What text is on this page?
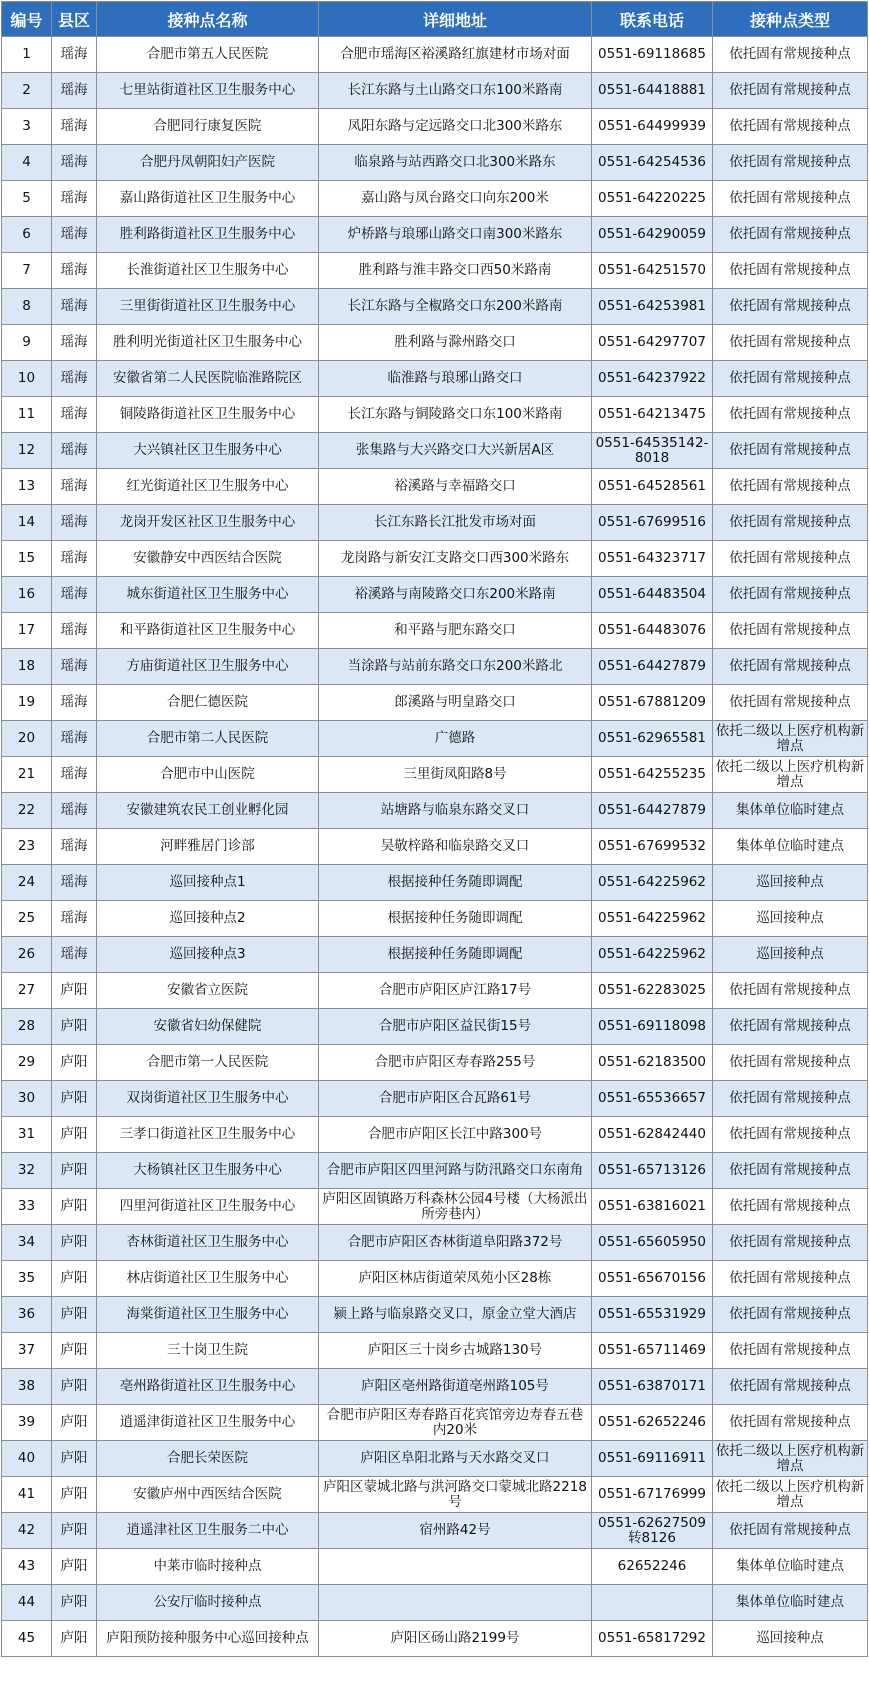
编号	县区	接种点名称	详细地址	联系电话	接种点类型
1	瑶海	合肥市第五人民医院	合肥市瑶海区裕溪路红旗建材市场对面	0551-69118685	依托固有常规接种点
2	瑶海	七里站街道社区卫生服务中心	长江东路与土山路交口东100米路南	0551-64418881	依托固有常规接种点
3	瑶海	合肥同行康复医院	凤阳东路与定远路交口北300米路东	0551-64499939	依托固有常规接种点
4	瑶海	合肥丹凤朝阳妇产医院	临泉路与站西路交口北300米路东	0551-64254536	依托固有常规接种点
5	瑶海	嘉山路街道社区卫生服务中心	嘉山路与凤台路交口向东200米	0551-64220225	依托固有常规接种点
6	瑶海	胜利路街道社区卫生服务中心	炉桥路与琅琊山路交口南300米路东	0551-64290059	依托固有常规接种点
7	瑶海	长淮街道社区卫生服务中心	胜利路与淮丰路交口西50米路南	0551-64251570	依托固有常规接种点
8	瑶海	三里街街道社区卫生服务中心	长江东路与全椒路交口东200米路南	0551-64253981	依托固有常规接种点
9	瑶海	胜利明光街道社区卫生服务中心	胜利路与滁州路交口	0551-64297707	依托固有常规接种点
10	瑶海	安徽省第二人民医院临淮路院区	临淮路与琅琊山路交口	0551-64237922	依托固有常规接种点
11	瑶海	铜陵路街道社区卫生服务中心	长江东路与铜陵路交口东100米路南	0551-64213475	依托固有常规接种点
12	瑶海	大兴镇社区卫生服务中心	张集路与大兴路交口大兴新居A区	0551-64535142-8018	依托固有常规接种点
13	瑶海	红光街道社区卫生服务中心	裕溪路与幸福路交口	0551-64528561	依托固有常规接种点
14	瑶海	龙岗开发区社区卫生服务中心	长江东路长江批发市场对面	0551-67699516	依托固有常规接种点
15	瑶海	安徽静安中西医结合医院	龙岗路与新安江支路交口西300米路东	0551-64323717	依托固有常规接种点
16	瑶海	城东街道社区卫生服务中心	裕溪路与南陵路交口东200米路南	0551-64483504	依托固有常规接种点
17	瑶海	和平路街道社区卫生服务中心	和平路与肥东路交口	0551-64483076	依托固有常规接种点
18	瑶海	方庙街道社区卫生服务中心	当涂路与站前东路交口东200米路北	0551-64427879	依托固有常规接种点
19	瑶海	合肥仁德医院	郎溪路与明皇路交口	0551-67881209	依托固有常规接种点
20	瑶海	合肥市第二人民医院	广德路	0551-62965581	依托二级以上医疗机构新增点
21	瑶海	合肥市中山医院	三里街凤阳路8号	0551-64255235	依托二级以上医疗机构新增点
22	瑶海	安徽建筑农民工创业孵化园	站塘路与临泉东路交叉口	0551-64427879	集体单位临时建点
23	瑶海	河畔雅居门诊部	吴敬梓路和临泉路交叉口	0551-67699532	集体单位临时建点
24	瑶海	巡回接种点1	根据接种任务随即调配	0551-64225962	巡回接种点
25	瑶海	巡回接种点2	根据接种任务随即调配	0551-64225962	巡回接种点
26	瑶海	巡回接种点3	根据接种任务随即调配	0551-64225962	巡回接种点
27	庐阳	安徽省立医院	合肥市庐阳区庐江路17号	0551-62283025	依托固有常规接种点
28	庐阳	安徽省妇幼保健院	合肥市庐阳区益民街15号	0551-69118098	依托固有常规接种点
29	庐阳	合肥市第一人民医院	合肥市庐阳区寿春路255号	0551-62183500	依托固有常规接种点
30	庐阳	双岗街道社区卫生服务中心	合肥市庐阳区合瓦路61号	0551-65536657	依托固有常规接种点
31	庐阳	三孝口街道社区卫生服务中心	合肥市庐阳区长江中路300号	0551-62842440	依托固有常规接种点
32	庐阳	大杨镇社区卫生服务中心	合肥市庐阳区四里河路与防汛路交口东南角	0551-65713126	依托固有常规接种点
33	庐阳	四里河街道社区卫生服务中心	庐阳区固镇路万科森林公园4号楼（大杨派出所旁巷内）	0551-63816021	依托固有常规接种点
34	庐阳	杏林街道社区卫生服务中心	合肥市庐阳区杏林街道阜阳路372号	0551-65605950	依托固有常规接种点
35	庐阳	林店街道社区卫生服务中心	庐阳区林店街道荣凤苑小区28栋	0551-65670156	依托固有常规接种点
36	庐阳	海棠街道社区卫生服务中心	颍上路与临泉路交叉口，原金立堂大酒店	0551-65531929	依托固有常规接种点
37	庐阳	三十岗卫生院	庐阳区三十岗乡古城路130号	0551-65711469	依托固有常规接种点
38	庐阳	亳州路街道社区卫生服务中心	庐阳区亳州路街道亳州路105号	0551-63870171	依托固有常规接种点
39	庐阳	逍遥津街道社区卫生服务中心	合肥市庐阳区寿春路百花宾馆旁边寿春五巷内20米	0551-62652246	依托固有常规接种点
40	庐阳	合肥长荣医院	庐阳区阜阳北路与天水路交叉口	0551-69116911	依托二级以上医疗机构新增点
41	庐阳	安徽庐州中西医结合医院	庐阳区蒙城北路与洪河路交口蒙城北路2218号	0551-67176999	依托二级以上医疗机构新增点
42	庐阳	逍遥津社区卫生服务二中心	宿州路42号	0551-62627509转8126	依托固有常规接种点
43	庐阳	中莱市临时接种点		62652246	集体单位临时建点
44	庐阳	公安厅临时接种点			集体单位临时建点
45	庐阳	庐阳预防接种服务中心巡回接种点	庐阳区砀山路2199号	0551-65817292	巡回接种点
